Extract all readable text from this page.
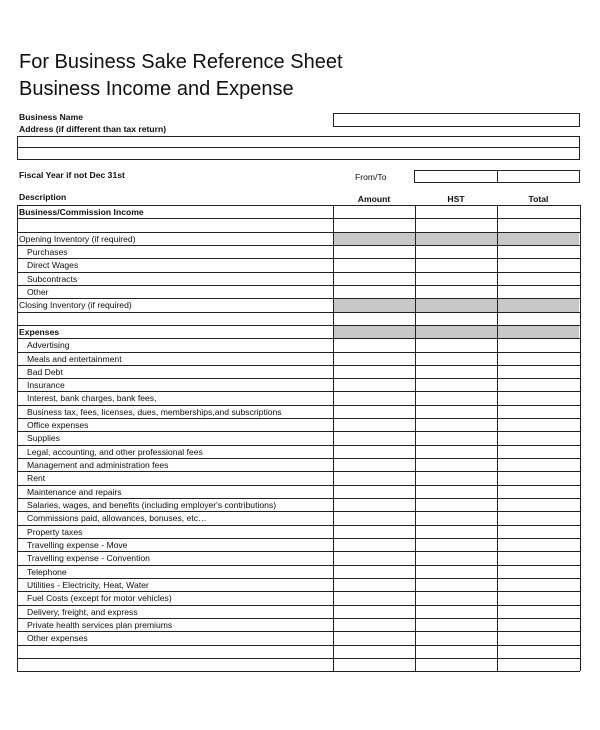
For Business Sake Reference Sheet
Business Income and Expense
Business Name
Address (if different than tax return)
Fiscal Year if not Dec 31st	From/To
Description	Amount	HST	Total
Business/Commission Income
Opening Inventory (if required)
Purchases
Direct Wages
Subcontracts
Other
Closing Inventory (if required)
Expenses
Advertising
Meals and entertainment
Bad Debt
Insurance
Interest, bank charges, bank fees,
Business tax, fees, licenses, dues, memberships,and subscriptions
Office expenses
Supplies
Legal, accounting, and other professional fees
Management and administration fees
Rent
Maintenance and repairs
Salaries, wages, and benefits (including employer's contributions)
Commissions paid, allowances, bonuses, etc…
Property taxes
Travelling expense - Move
Travelling expense - Convention
Telephone
Utilities - Electricity, Heat, Water
Fuel Costs (except for motor vehicles)
Delivery, freight, and express
Private health services plan premiums
Other expenses
